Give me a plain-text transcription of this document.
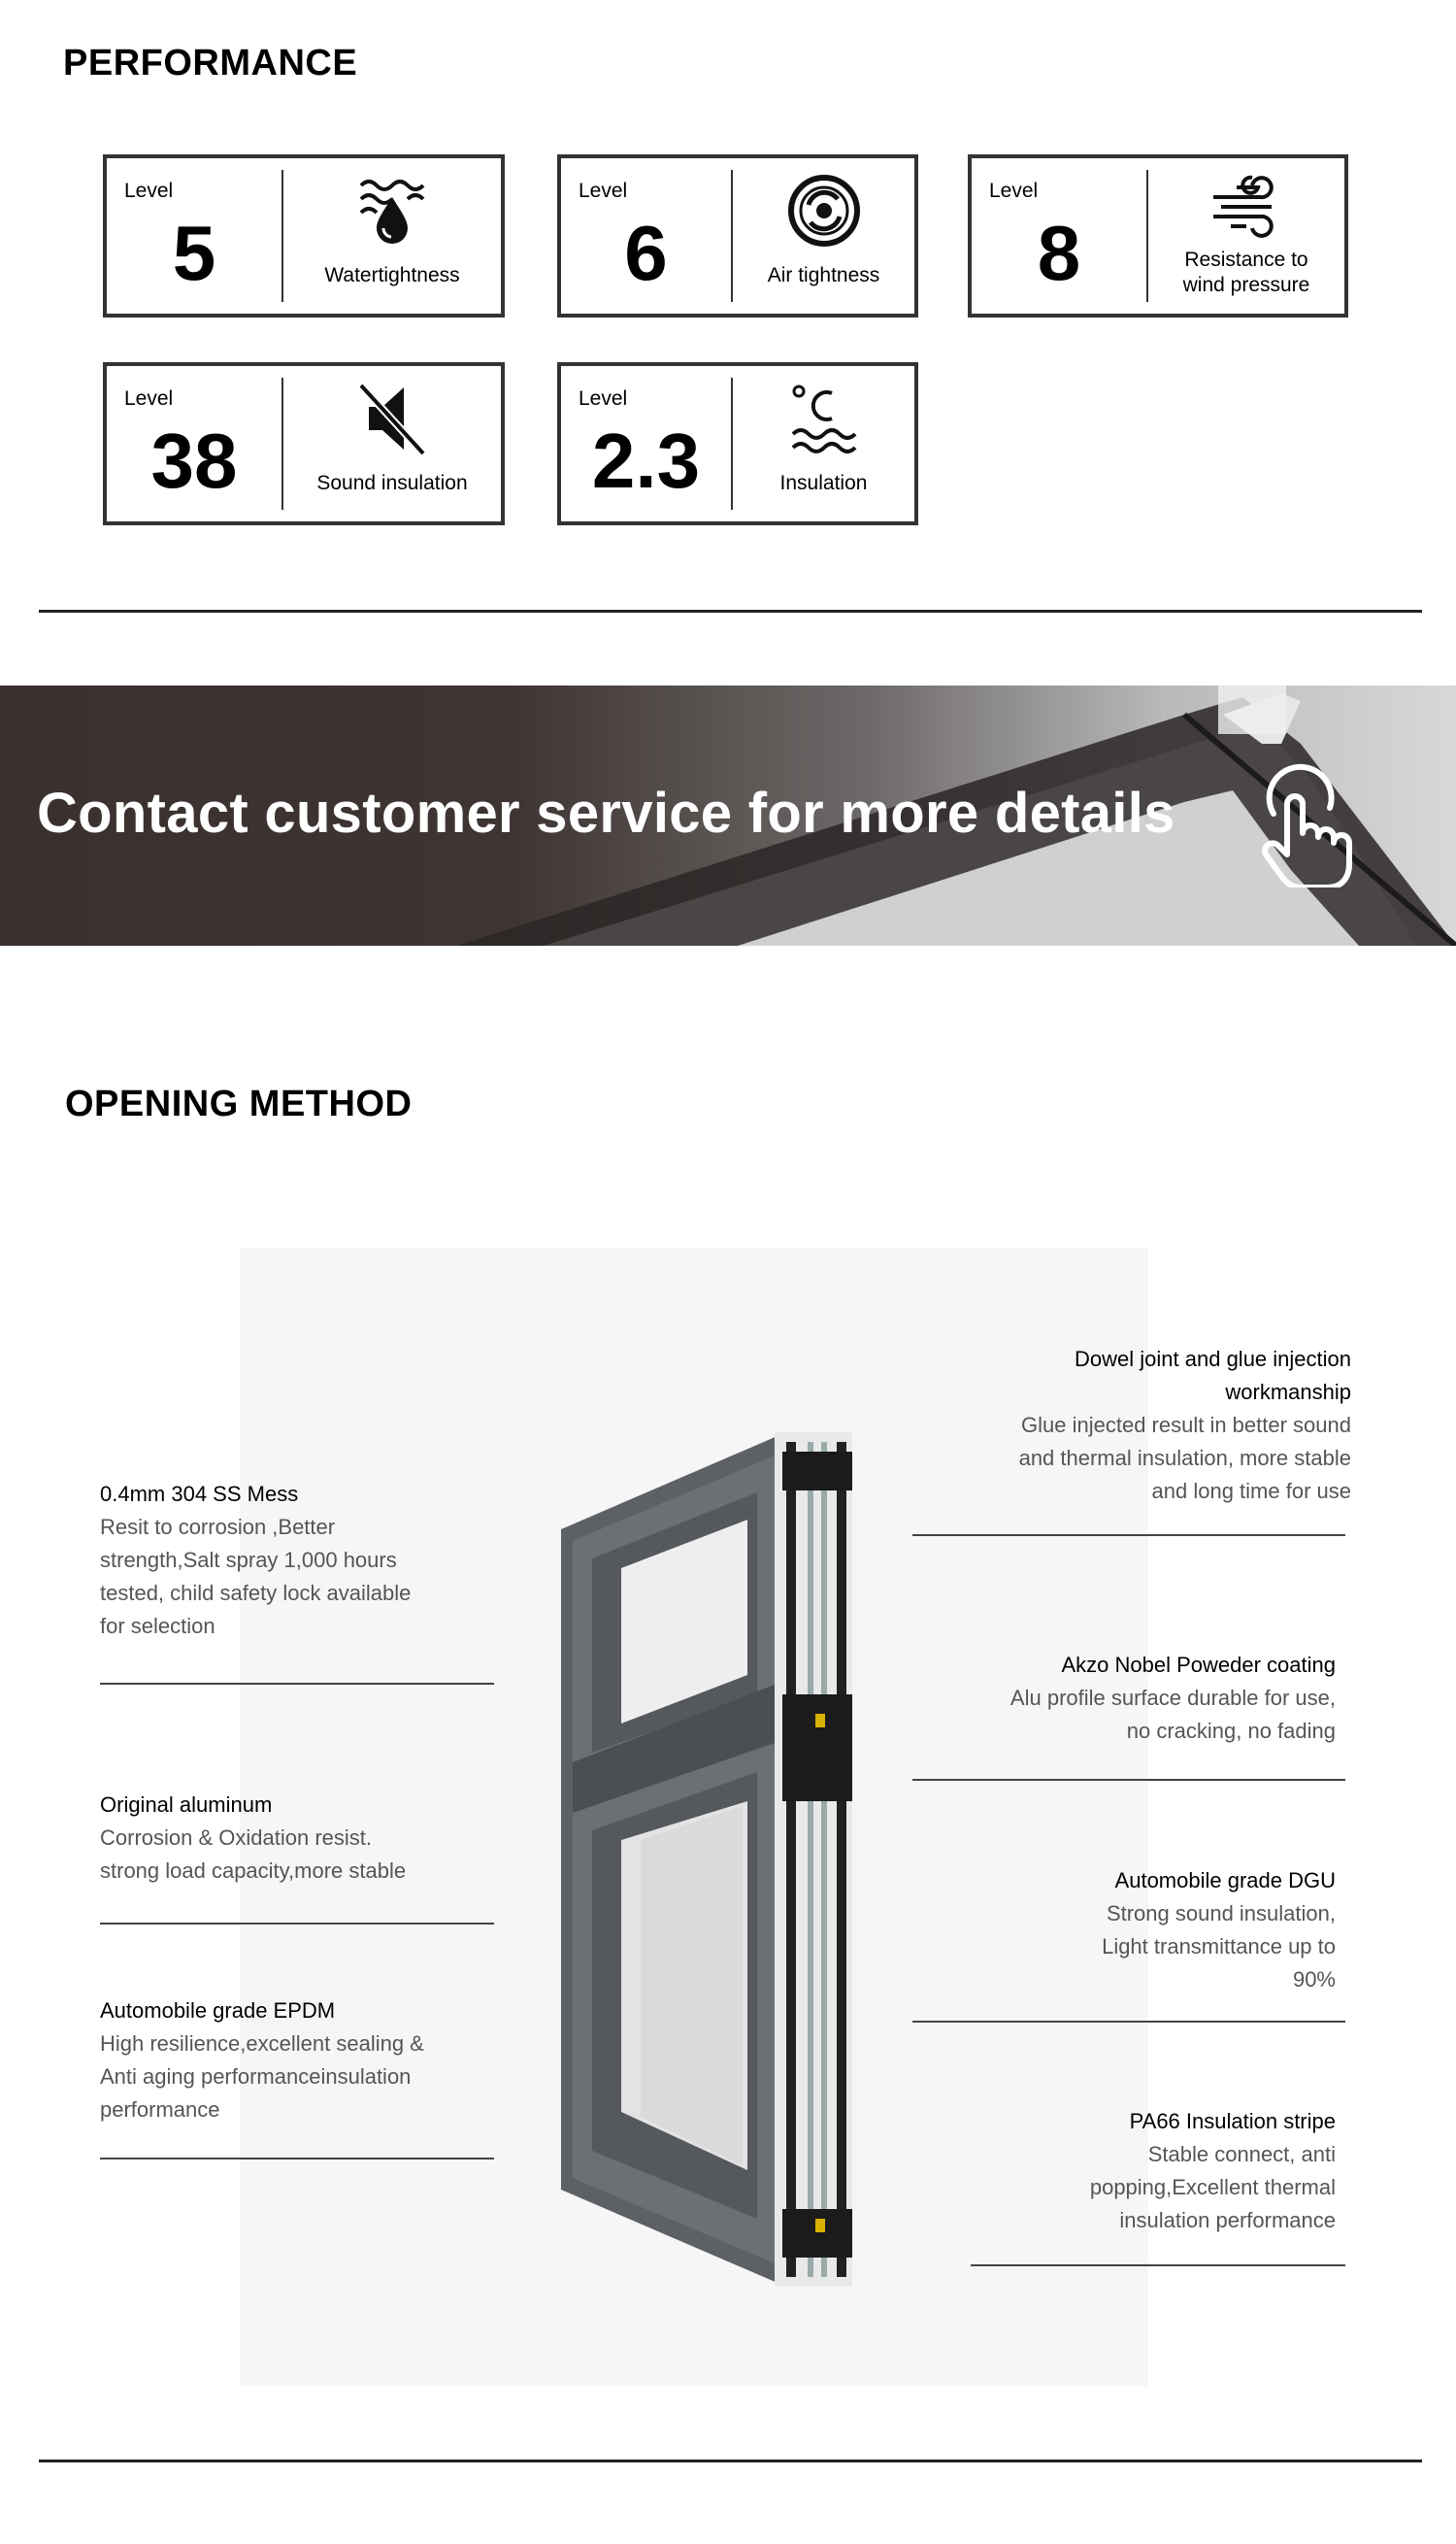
PERFORMANCE
Level
5	Watertightness
Level
6	Air tightness
Level
8	Resistance to
wind pressure
Level
38	Sound insulation
Level
2.3	Insulation
Contact customer service for more details
OPENING METHOD
0.4mm 304 SS Mess
Resit to corrosion ,Better
strength,Salt spray 1,000 hours
tested, child safety lock available
for selection
Original aluminum
Corrosion & Oxidation resist.
strong load capacity,more stable
Automobile grade EPDM
High resilience,excellent sealing &
Anti aging performanceinsulation
performance
Dowel joint and glue injection
workmanship
Glue injected result in better sound
and thermal insulation, more stable
and long time for use
Akzo Nobel Poweder coating
Alu profile surface durable for use,
no cracking, no fading
Automobile grade DGU
Strong sound insulation,
Light transmittance up to
90%
PA66 Insulation stripe
Stable connect, anti
popping,Excellent thermal
insulation performance
